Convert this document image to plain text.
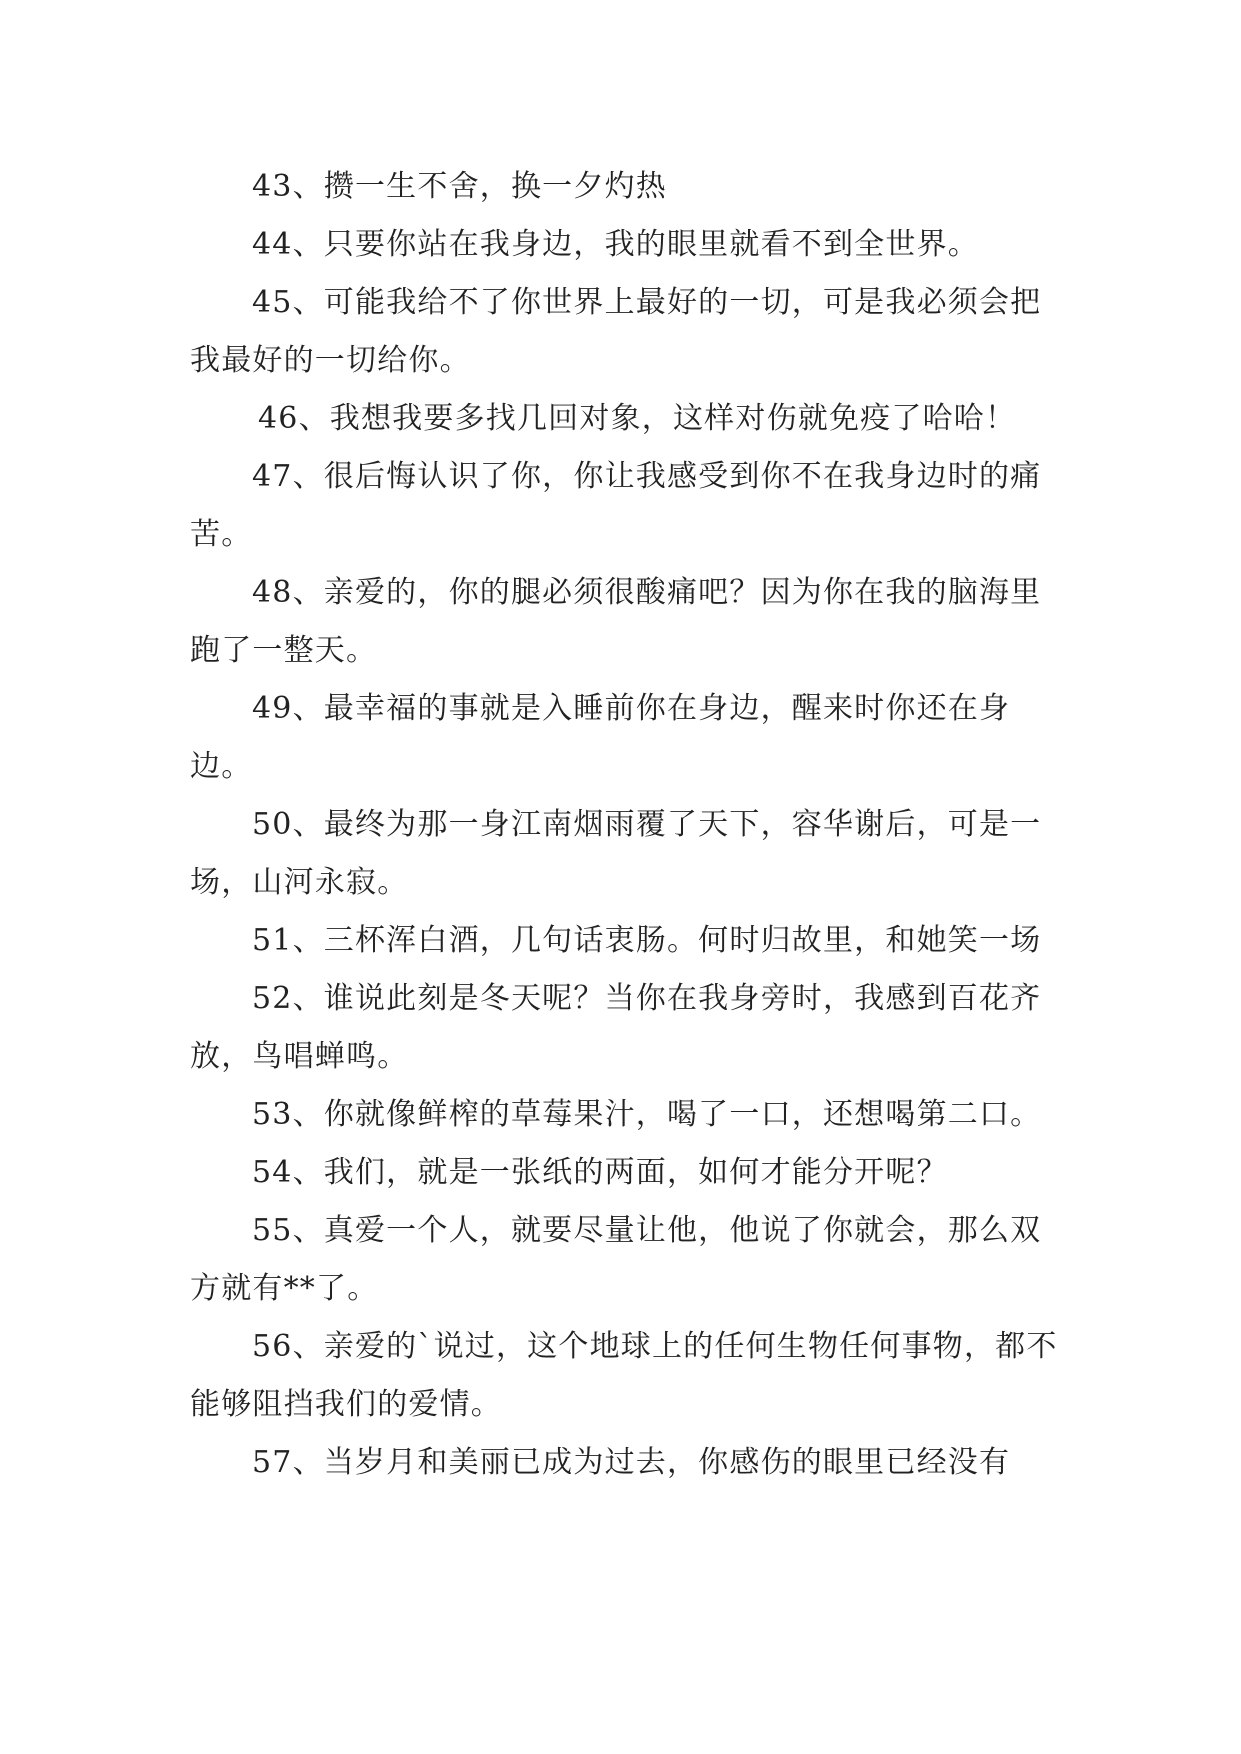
43、攒一生不舍，换一夕灼热

44、只要你站在我身边，我的眼里就看不到全世界。

45、可能我给不了你世界上最好的一切，可是我必须会把我最好的一切给你。

46、我想我要多找几回对象，这样对伤就免疫了哈哈！

47、很后悔认识了你，你让我感受到你不在我身边时的痛苦。

48、亲爱的，你的腿必须很酸痛吧？因为你在我的脑海里跑了一整天。

49、最幸福的事就是入睡前你在身边，醒来时你还在身边。

50、最终为那一身江南烟雨覆了天下，容华谢后，可是一场，山河永寂。

51、三杯浑白酒，几句话衷肠。何时归故里，和她笑一场

52、谁说此刻是冬天呢？当你在我身旁时，我感到百花齐放，鸟唱蝉鸣。

53、你就像鲜榨的草莓果汁，喝了一口，还想喝第二口。

54、我们，就是一张纸的两面，如何才能分开呢？

55、真爱一个人，就要尽量让他，他说了你就会，那么双方就有**了。

56、亲爱的`说过，这个地球上的任何生物任何事物，都不能够阻挡我们的爱情。

57、当岁月和美丽已成为过去，你感伤的眼里已经没有
